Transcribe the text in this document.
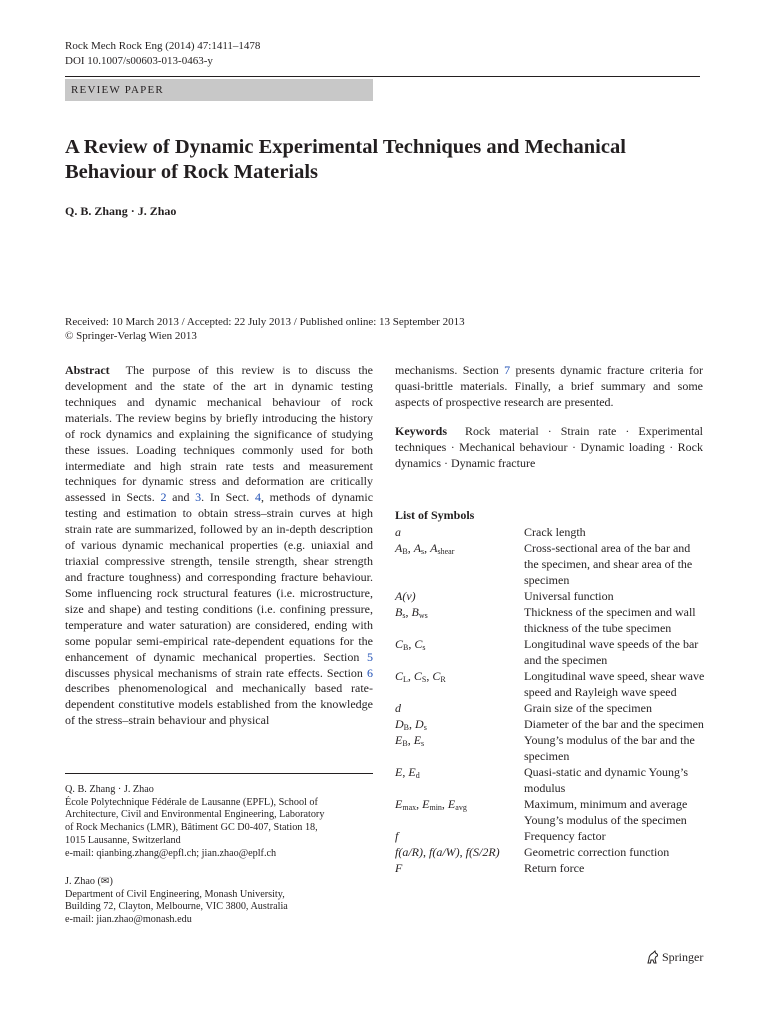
Rock Mech Rock Eng (2014) 47:1411–1478
DOI 10.1007/s00603-013-0463-y
REVIEW PAPER
A Review of Dynamic Experimental Techniques and Mechanical Behaviour of Rock Materials
Q. B. Zhang · J. Zhao
Received: 10 March 2013 / Accepted: 22 July 2013 / Published online: 13 September 2013
© Springer-Verlag Wien 2013

Abstract The purpose of this review is to discuss the development and the state of the art in dynamic testing techniques and dynamic mechanical behaviour of rock materials. The review begins by briefly introducing the history of rock dynamics and explaining the significance of studying these issues. Loading techniques commonly used for both intermediate and high strain rate tests and measurement techniques for dynamic stress and deformation are critically assessed in Sects. 2 and 3. In Sect. 4, methods of dynamic testing and estimation to obtain stress–strain curves at high strain rate are summarized, followed by an in-depth description of various dynamic mechanical properties (e.g. uniaxial and triaxial compressive strength, tensile strength, shear strength and fracture toughness) and corresponding fracture behaviour. Some influencing rock structural features (i.e. microstructure, size and shape) and testing conditions (i.e. confining pressure, temperature and water saturation) are considered, ending with some popular semi-empirical rate-dependent equations for the enhancement of dynamic mechanical properties. Section 5 discusses physical mechanisms of strain rate effects. Section 6 describes phenomenological and mechanically based rate-dependent constitutive models established from the knowledge of the stress–strain behaviour and physical

Q. B. Zhang · J. Zhao
École Polytechnique Fédérale de Lausanne (EPFL), School of
Architecture, Civil and Environmental Engineering, Laboratory
of Rock Mechanics (LMR), Bâtiment GC D0-407, Station 18,
1015 Lausanne, Switzerland
e-mail: qianbing.zhang@epfl.ch; jian.zhao@eplf.ch
J. Zhao (✉)
Department of Civil Engineering, Monash University,
Building 72, Clayton, Melbourne, VIC 3800, Australia
e-mail: jian.zhao@monash.edu

mechanisms. Section 7 presents dynamic fracture criteria for quasi-brittle materials. Finally, a brief summary and some aspects of prospective research are presented.

Keywords Rock material · Strain rate · Experimental techniques · Mechanical behaviour · Dynamic loading · Rock dynamics · Dynamic fracture

List of Symbols
a	Crack length
$A_B$, $A_s$, $A_{shear}$	Cross-sectional area of the bar and the specimen, and shear area of the specimen
A(v)	Universal function
$B_s$, $B_{ws}$	Thickness of the specimen and wall thickness of the tube specimen
$C_B$, $C_s$	Longitudinal wave speeds of the bar and the specimen
$C_L$, $C_S$, $C_R$	Longitudinal wave speed, shear wave speed and Rayleigh wave speed
d	Grain size of the specimen
$D_B$, $D_s$	Diameter of the bar and the specimen
$E_B$, $E_s$	Young’s modulus of the bar and the specimen
E, $E_d$	Quasi-static and dynamic Young’s modulus
$E_{max}$, $E_{min}$, $E_{avg}$	Maximum, minimum and average Young’s modulus of the specimen
f	Frequency factor
f(a/R), f(a/W), f(S/2R)	Geometric correction function
F	Return force
Springer
